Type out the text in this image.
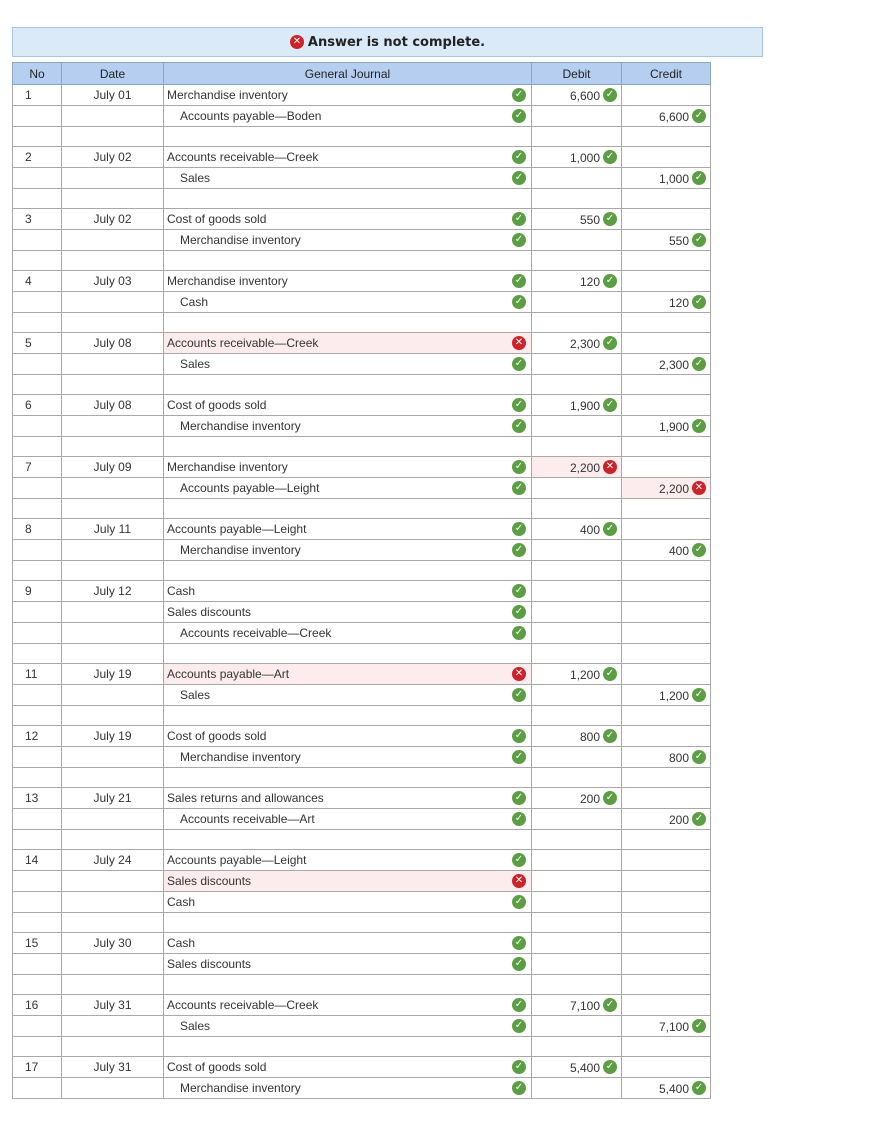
✕ Answer is not complete.
No	Date	General Journal	Debit	Credit
1	July 01	Merchandise inventory ✓	6,600 ✓	
		Accounts payable—Boden ✓		6,600 ✓

2	July 02	Accounts receivable—Creek ✓	1,000 ✓	
		Sales ✓		1,000 ✓

3	July 02	Cost of goods sold ✓	550 ✓	
		Merchandise inventory ✓		550 ✓

4	July 03	Merchandise inventory ✓	120 ✓	
		Cash ✓		120 ✓

5	July 08	Accounts receivable—Creek ✕	2,300 ✓	
		Sales ✓		2,300 ✓

6	July 08	Cost of goods sold ✓	1,900 ✓	
		Merchandise inventory ✓		1,900 ✓

7	July 09	Merchandise inventory ✓	2,200 ✕	
		Accounts payable—Leight ✓		2,200 ✕

8	July 11	Accounts payable—Leight ✓	400 ✓	
		Merchandise inventory ✓		400 ✓

9	July 12	Cash ✓		

		Sales discounts ✓		

		Accounts receivable—Creek ✓		

11	July 19	Accounts payable—Art ✕	1,200 ✓	
		Sales ✓		1,200 ✓

12	July 19	Cost of goods sold ✓	800 ✓	
		Merchandise inventory ✓		800 ✓

13	July 21	Sales returns and allowances ✓	200 ✓	
		Accounts receivable—Art ✓		200 ✓

14	July 24	Accounts payable—Leight ✓		

		Sales discounts ✕		

		Cash ✓		

15	July 30	Cash ✓		

		Sales discounts ✓		

16	July 31	Accounts receivable—Creek ✓	7,100 ✓	
		Sales ✓		7,100 ✓

17	July 31	Cost of goods sold ✓	5,400 ✓	
		Merchandise inventory ✓		5,400 ✓
